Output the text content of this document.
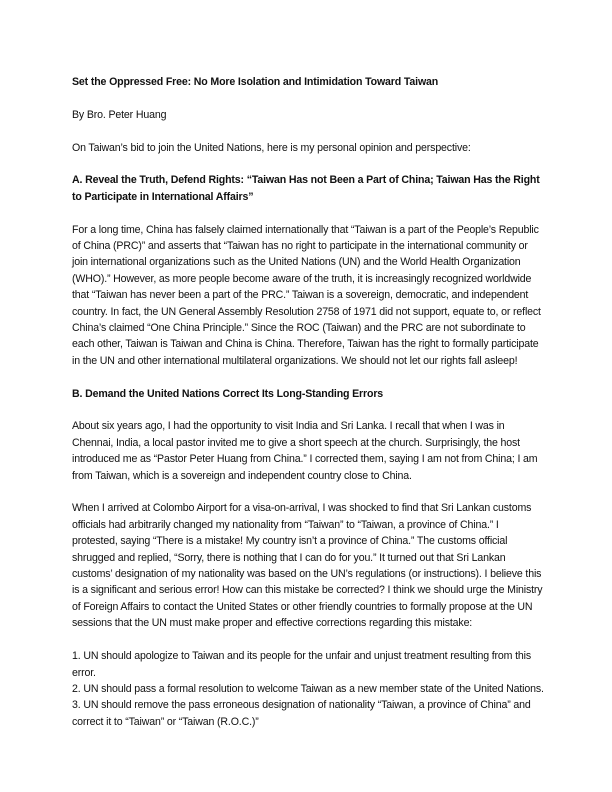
Set the Oppressed Free: No More Isolation and Intimidation Toward Taiwan

By Bro. Peter Huang

On Taiwan’s bid to join the United Nations, here is my personal opinion and perspective:

A. Reveal the Truth, Defend Rights: “Taiwan Has not Been a Part of China; Taiwan Has the Right to Participate in International Affairs”

For a long time, China has falsely claimed internationally that “Taiwan is a part of the People’s Republic of China (PRC)” and asserts that “Taiwan has no right to participate in the international community or join international organizations such as the United Nations (UN) and the World Health Organization (WHO).” However, as more people become aware of the truth, it is increasingly recognized worldwide that “Taiwan has never been a part of the PRC.” Taiwan is a sovereign, democratic, and independent country. In fact, the UN General Assembly Resolution 2758 of 1971 did not support, equate to, or reflect China’s claimed “One China Principle.” Since the ROC (Taiwan) and the PRC are not subordinate to each other, Taiwan is Taiwan and China is China. Therefore, Taiwan has the right to formally participate in the UN and other international multilateral organizations. We should not let our rights fall asleep!

B. Demand the United Nations Correct Its Long-Standing Errors

About six years ago, I had the opportunity to visit India and Sri Lanka. I recall that when I was in Chennai, India, a local pastor invited me to give a short speech at the church. Surprisingly, the host introduced me as “Pastor Peter Huang from China.” I corrected them, saying I am not from China; I am from Taiwan, which is a sovereign and independent country close to China.

When I arrived at Colombo Airport for a visa-on-arrival, I was shocked to find that Sri Lankan customs officials had arbitrarily changed my nationality from “Taiwan” to “Taiwan, a province of China.” I protested, saying “There is a mistake! My country isn’t a province of China.” The customs official shrugged and replied, “Sorry, there is nothing that I can do for you.” It turned out that Sri Lankan customs’ designation of my nationality was based on the UN’s regulations (or instructions). I believe this is a significant and serious error! How can this mistake be corrected? I think we should urge the Ministry of Foreign Affairs to contact the United States or other friendly countries to formally propose at the UN sessions that the UN must make proper and effective corrections regarding this mistake:

1. UN should apologize to Taiwan and its people for the unfair and unjust treatment resulting from this error.
2. UN should pass a formal resolution to welcome Taiwan as a new member state of the United Nations.
3. UN should remove the pass erroneous designation of nationality “Taiwan, a province of China” and correct it to “Taiwan” or “Taiwan (R.O.C.)”
